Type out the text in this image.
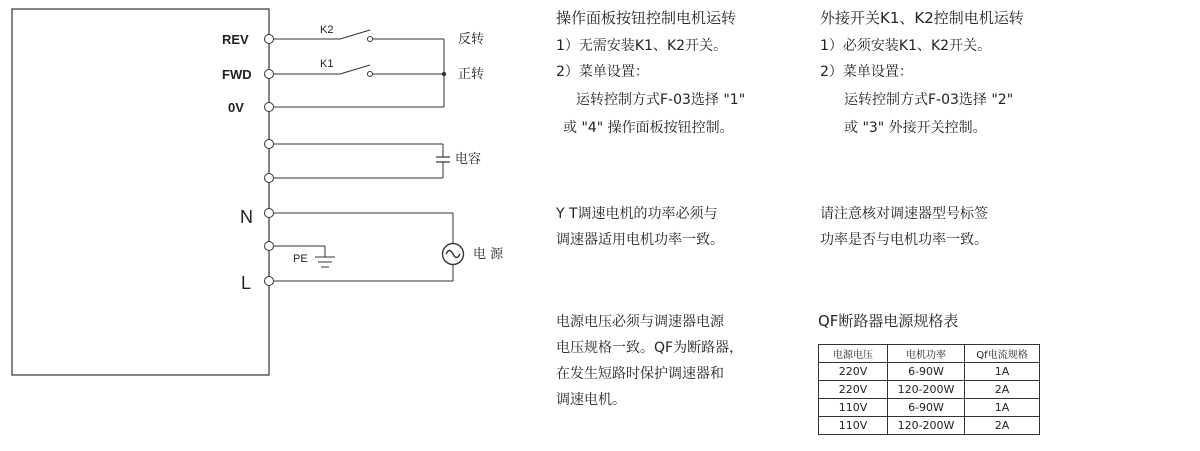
REV
FWD
0V
N
L
K2
K1
PE
反转
正转
电容
电 源
操作面板按钮控制电机运转
1）无需安装K1、K2开关。
2）菜单设置：
运转控制方式F-03选择 "1"
或 "4" 操作面板按钮控制。
外接开关K1、K2控制电机运转
1）必须安装K1、K2开关。
2）菜单设置：
运转控制方式F-03选择 "2"
或 "3" 外接开关控制。
Y T调速电机的功率必须与
调速器适用电机功率一致。
请注意核对调速器型号标签
功率是否与电机功率一致。
电源电压必须与调速器电源
电压规格一致。QF为断路器，
在发生短路时保护调速器和
调速电机。
QF断路器电源规格表
电源电压	电机功率	Qf电流规格
220V	6-90W	1A
220V	120-200W	2A
110V	6-90W	1A
110V	120-200W	2A
